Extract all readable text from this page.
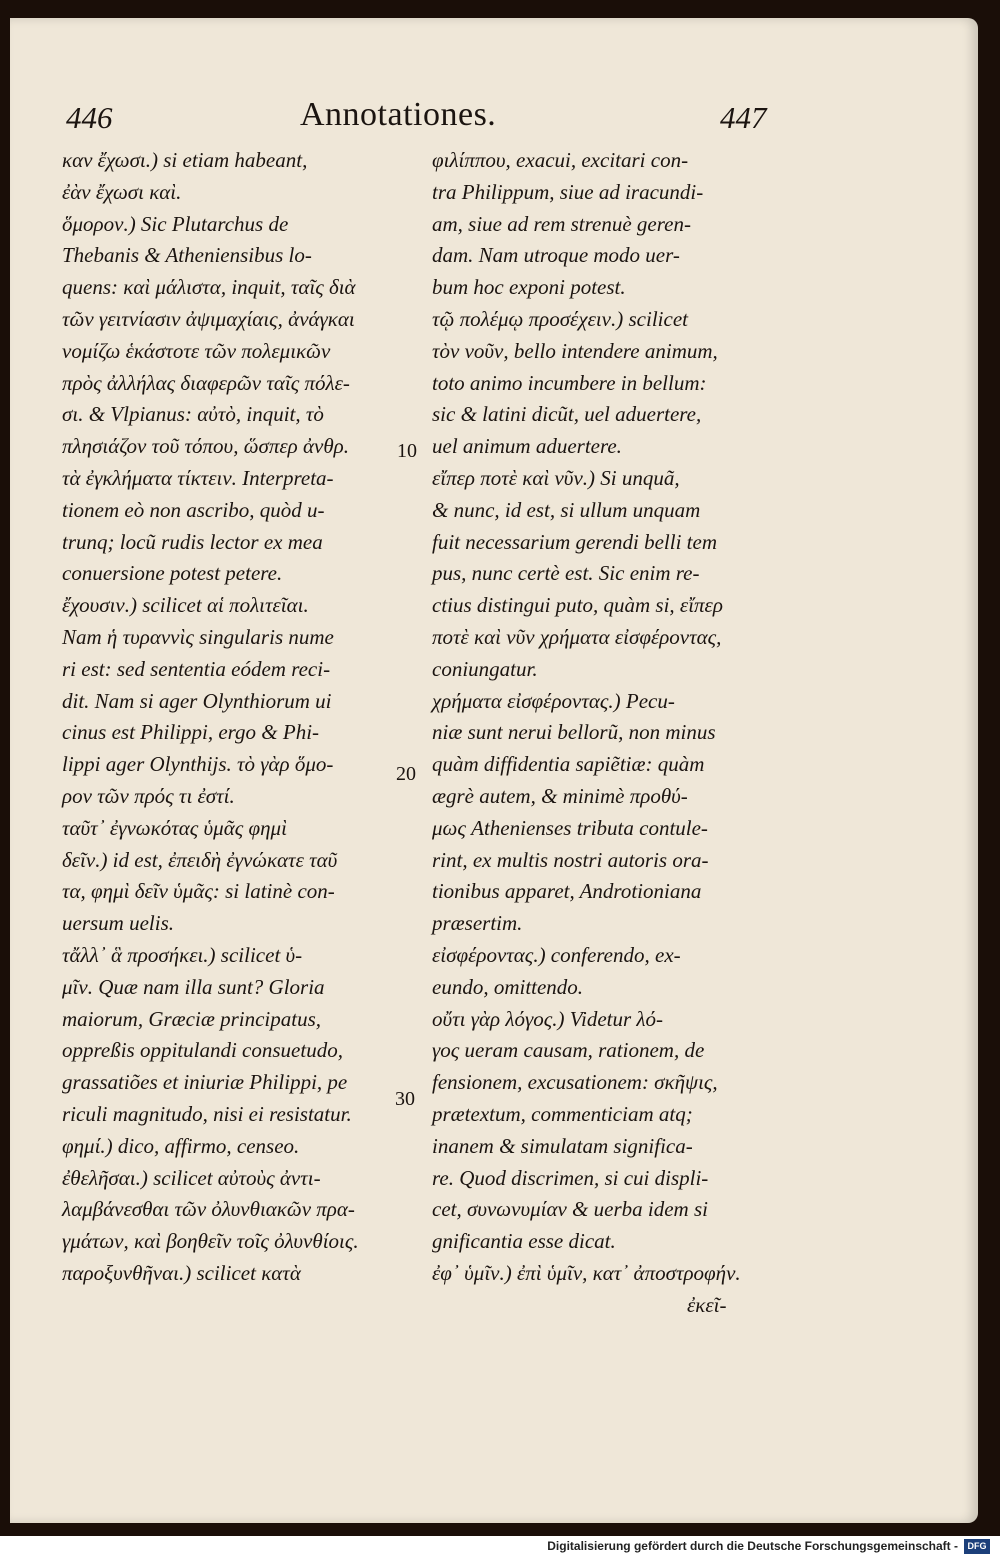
446	Annotationes.	447
καν ἔχωσι.) si etiam habeant,
ἐὰν ἔχωσι καὶ.
ὅμορον.) Sic Plutarchus de
Thebanis & Atheniensibus lo-
quens: καὶ μάλιστα, inquit, ταῖς διὰ
τῶν γειτνίασιν ἀψιμαχίαις, ἀνάγκαι
νομίζω ἑκάστοτε τῶν πολεμικῶν
πρὸς ἀλλήλας διαφερῶν ταῖς πόλε-
σι. & Vlpianus: αὐτὸ, inquit, τὸ
πλησιάζον τοῦ τόπου, ὥσπερ ἀνθρ.
τὰ ἐγκλήματα τίκτειν. Interpreta-
tionem eò non ascribo, quòd u-
trunq; locũ rudis lector ex mea
conuersione potest petere.
ἔχουσιν.) scilicet αἱ πολιτεῖαι.
Nam ἡ τυραννὶς singularis nume
ri est: sed sententia eódem reci-
dit. Nam si ager Olynthiorum ui
cinus est Philippi, ergo & Phi-
lippi ager Olynthijs. τὸ γὰρ ὅμο-
ρον τῶν πρός τι ἐστί.
ταῦτ᾽ ἐγνωκότας ὑμᾶς φημὶ
δεῖν.) id est, ἐπειδὴ ἐγνώκατε ταῦ
τα, φημὶ δεῖν ὑμᾶς: si latinè con-
uersum uelis.
τἄλλ᾽ ἃ προσήκει.) scilicet ὑ-
μῖν. Quæ nam illa sunt? Gloria
maiorum, Græciæ principatus,
oppreßis oppitulandi consuetudo,
grassatiões et iniuriæ Philippi, pe
riculi magnitudo, nisi ei resistatur.
φημί.) dico, affirmo, censeo.
ἐθελῆσαι.) scilicet αὐτοὺς ἀντι-
λαμβάνεσθαι τῶν ὀλυνθιακῶν πρα-
γμάτων, καὶ βοηθεῖν τοῖς ὀλυνθίοις.
παροξυνθῆναι.) scilicet κατὰ
φιλίππου, exacui, excitari con-
tra Philippum, siue ad iracundi-
am, siue ad rem strenuè geren-
dam. Nam utroque modo uer-
bum hoc exponi potest.
τῷ πολέμῳ προσέχειν.) scilicet
τὸν νοῦν, bello intendere animum,
toto animo incumbere in bellum:
sic & latini dicũt, uel aduertere,
uel animum aduertere.
εἴπερ ποτὲ καὶ νῦν.) Si unquã,
& nunc, id est, si ullum unquam
fuit necessarium gerendi belli tem
pus, nunc certè est. Sic enim re-
ctius distingui puto, quàm si, εἴπερ
ποτὲ καὶ νῦν χρήματα εἰσφέροντας,
coniungatur.
χρήματα εἰσφέροντας.) Pecu-
niæ sunt nerui bellorũ, non minus
quàm diffidentia sapiẽtiæ: quàm
ægrè autem, & minimè προθύ-
μως Athenienses tributa contule-
rint, ex multis nostri autoris ora-
tionibus apparet, Androtioniana
præsertim.
εἰσφέροντας.) conferendo, ex-
eundo, omittendo.
οὔτι γὰρ λόγος.) Videtur λό-
γος ueram causam, rationem, de
fensionem, excusationem: σκῆψις,
prætextum, commenticiam atq;
inanem & simulatam significa-
re. Quod discrimen, si cui displi-
cet, συνωνυμίαν & uerba idem si
gnificantia esse dicat.
ἐφ᾽ ὑμῖν.) ἐπὶ ὑμῖν, κατ᾽ ἀποστροφήν.
ἐκεῖ-
10
20
30
Digitalisierung gefördert durch die Deutsche Forschungsgemeinschaft -	DFG
